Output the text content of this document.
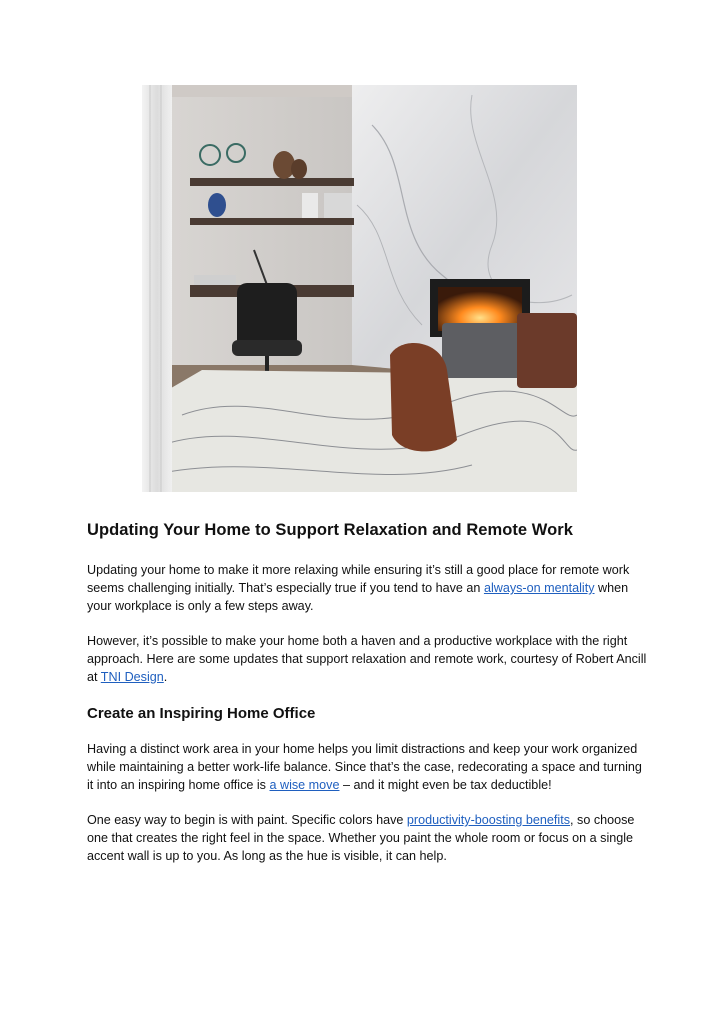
Updating Your Home to Support Relaxation and Remote Work

Updating your home to make it more relaxing while ensuring it’s still a good place for remote work seems challenging initially. That’s especially true if you tend to have an always-on mentality when your workplace is only a few steps away.

However, it’s possible to make your home both a haven and a productive workplace with the right approach. Here are some updates that support relaxation and remote work, courtesy of Robert Ancill at TNI Design.

Create an Inspiring Home Office

Having a distinct work area in your home helps you limit distractions and keep your work organized while maintaining a better work-life balance. Since that’s the case, redecorating a space and turning it into an inspiring home office is a wise move – and it might even be tax deductible!

One easy way to begin is with paint. Specific colors have productivity-boosting benefits, so choose one that creates the right feel in the space. Whether you paint the whole room or focus on a single accent wall is up to you. As long as the hue is visible, it can help.
